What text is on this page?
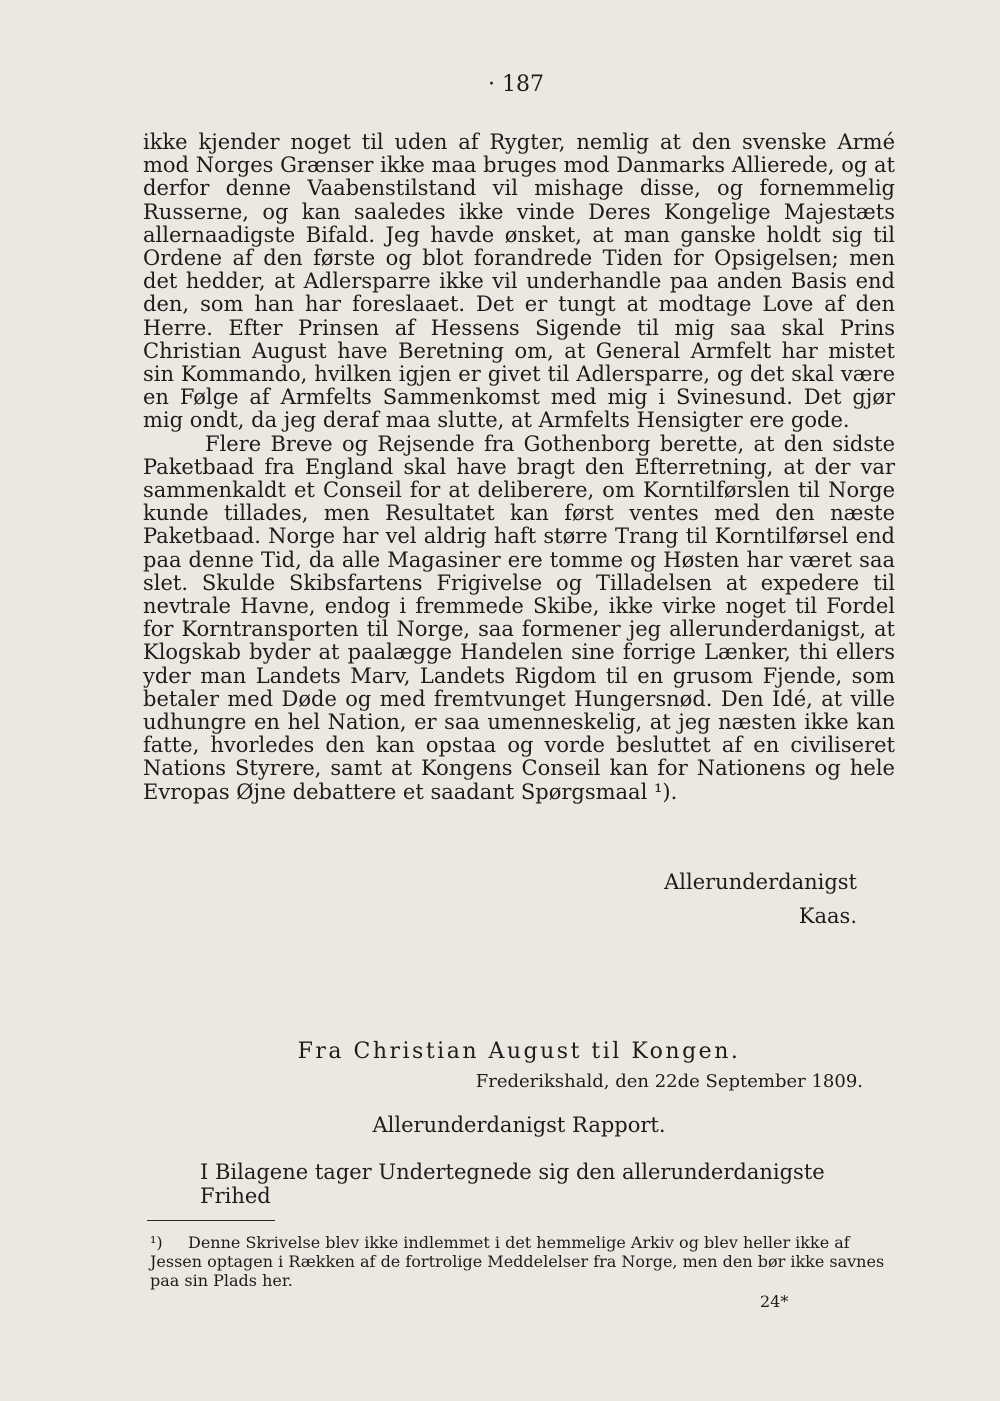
· 187

ikke kjender noget til uden af Rygter, nemlig at den svenske Armé mod Norges Grænser ikke maa bruges mod Danmarks Allierede, og at derfor denne Vaabenstilstand vil mishage disse, og fornemmelig Russerne, og kan saaledes ikke vinde Deres Kongelige Majestæts allernaadigste Bifald. Jeg havde ønsket, at man ganske holdt sig til Ordene af den første og blot forandrede Tiden for Opsigelsen; men det hedder, at Adlersparre ikke vil underhandle paa anden Basis end den, som han har foreslaaet. Det er tungt at modtage Love af den Herre. Efter Prinsen af Hessens Sigende til mig saa skal Prins Christian August have Beretning om, at General Armfelt har mistet sin Kommando, hvilken igjen er givet til Adlersparre, og det skal være en Følge af Armfelts Sammenkomst med mig i Svinesund. Det gjør mig ondt, da jeg deraf maa slutte, at Armfelts Hensigter ere gode.

Flere Breve og Rejsende fra Gothenborg berette, at den sidste Paketbaad fra England skal have bragt den Efterretning, at der var sammenkaldt et Conseil for at deliberere, om Korntilførslen til Norge kunde tillades, men Resultatet kan først ventes med den næste Paketbaad. Norge har vel aldrig haft større Trang til Korntilførsel end paa denne Tid, da alle Magasiner ere tomme og Høsten har været saa slet. Skulde Skibsfartens Frigivelse og Tilladelsen at expedere til nevtrale Havne, endog i fremmede Skibe, ikke virke noget til Fordel for Korntransporten til Norge, saa formener jeg allerunderdanigst, at Klogskab byder at paalægge Handelen sine forrige Lænker, thi ellers yder man Landets Marv, Landets Rigdom til en grusom Fjende, som betaler med Døde og med fremtvunget Hungersnød. Den Idé, at ville udhungre en hel Nation, er saa umenneskelig, at jeg næsten ikke kan fatte, hvorledes den kan opstaa og vorde besluttet af en civiliseret Nations Styrere, samt at Kongens Conseil kan for Nationens og hele Evropas Øjne debattere et saadant Spørgsmaal ¹).

Allerunderdanigst
Kaas.
Fra Christian August til Kongen.
Frederikshald, den 22de September 1809.
Allerunderdanigst Rapport.
I Bilagene tager Undertegnede sig den allerunderdanigste Frihed
¹) Denne Skrivelse blev ikke indlemmet i det hemmelige Arkiv og blev heller ikke af Jessen optagen i Rækken af de fortrolige Meddelelser fra Norge, men den bør ikke savnes paa sin Plads her.
24*
